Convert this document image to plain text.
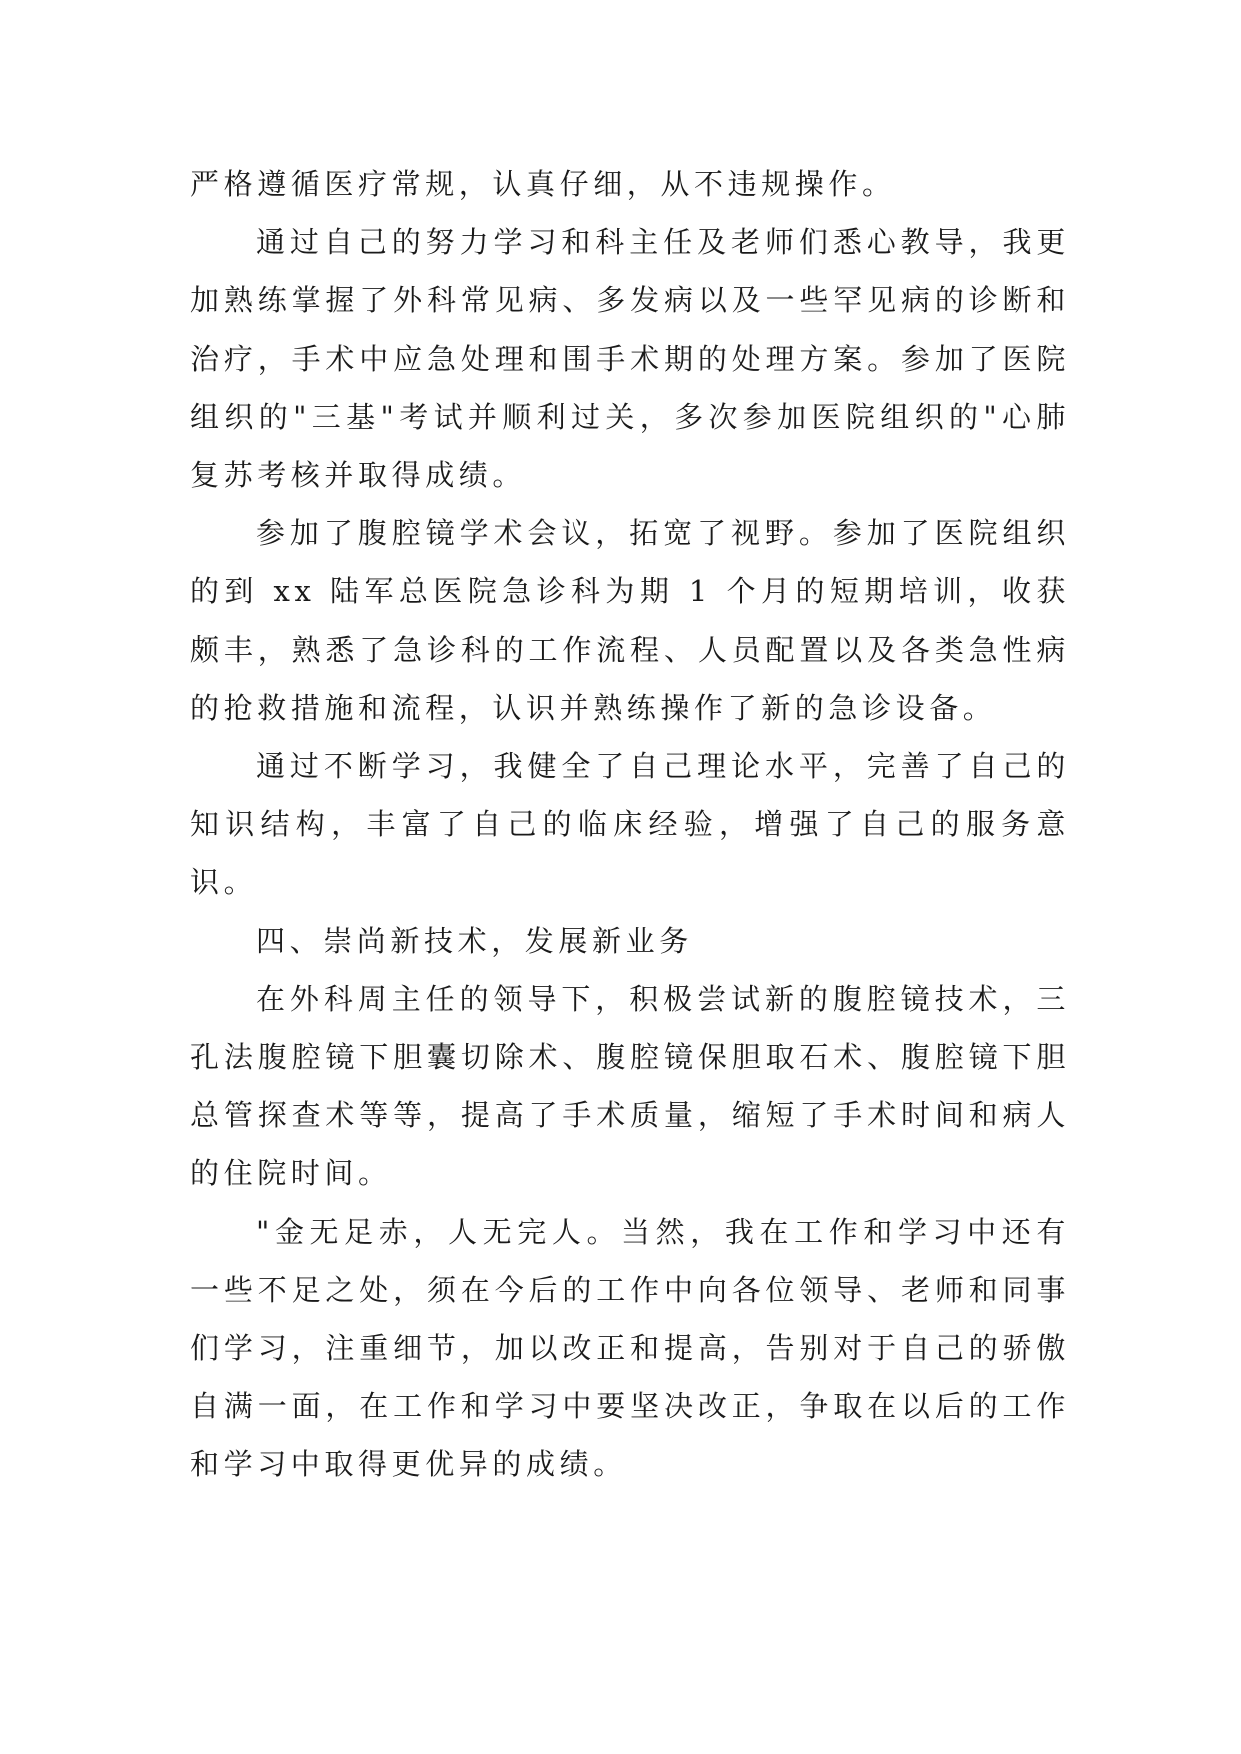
严格遵循医疗常规，认真仔细，从不违规操作。

通过自己的努力学习和科主任及老师们悉心教导，我更加熟练掌握了外科常见病、多发病以及一些罕见病的诊断和治疗，手术中应急处理和围手术期的处理方案。参加了医院组织的"三基"考试并顺利过关，多次参加医院组织的"心肺复苏考核并取得成绩。

参加了腹腔镜学术会议，拓宽了视野。参加了医院组织的到 xx 陆军总医院急诊科为期 1 个月的短期培训，收获颇丰，熟悉了急诊科的工作流程、人员配置以及各类急性病的抢救措施和流程，认识并熟练操作了新的急诊设备。

通过不断学习，我健全了自己理论水平，完善了自己的知识结构，丰富了自己的临床经验，增强了自己的服务意识。

四、崇尚新技术，发展新业务

在外科周主任的领导下，积极尝试新的腹腔镜技术，三孔法腹腔镜下胆囊切除术、腹腔镜保胆取石术、腹腔镜下胆总管探查术等等，提高了手术质量，缩短了手术时间和病人的住院时间。

"金无足赤，人无完人。当然，我在工作和学习中还有一些不足之处，须在今后的工作中向各位领导、老师和同事们学习，注重细节，加以改正和提高，告别对于自己的骄傲自满一面，在工作和学习中要坚决改正，争取在以后的工作和学习中取得更优异的成绩。
